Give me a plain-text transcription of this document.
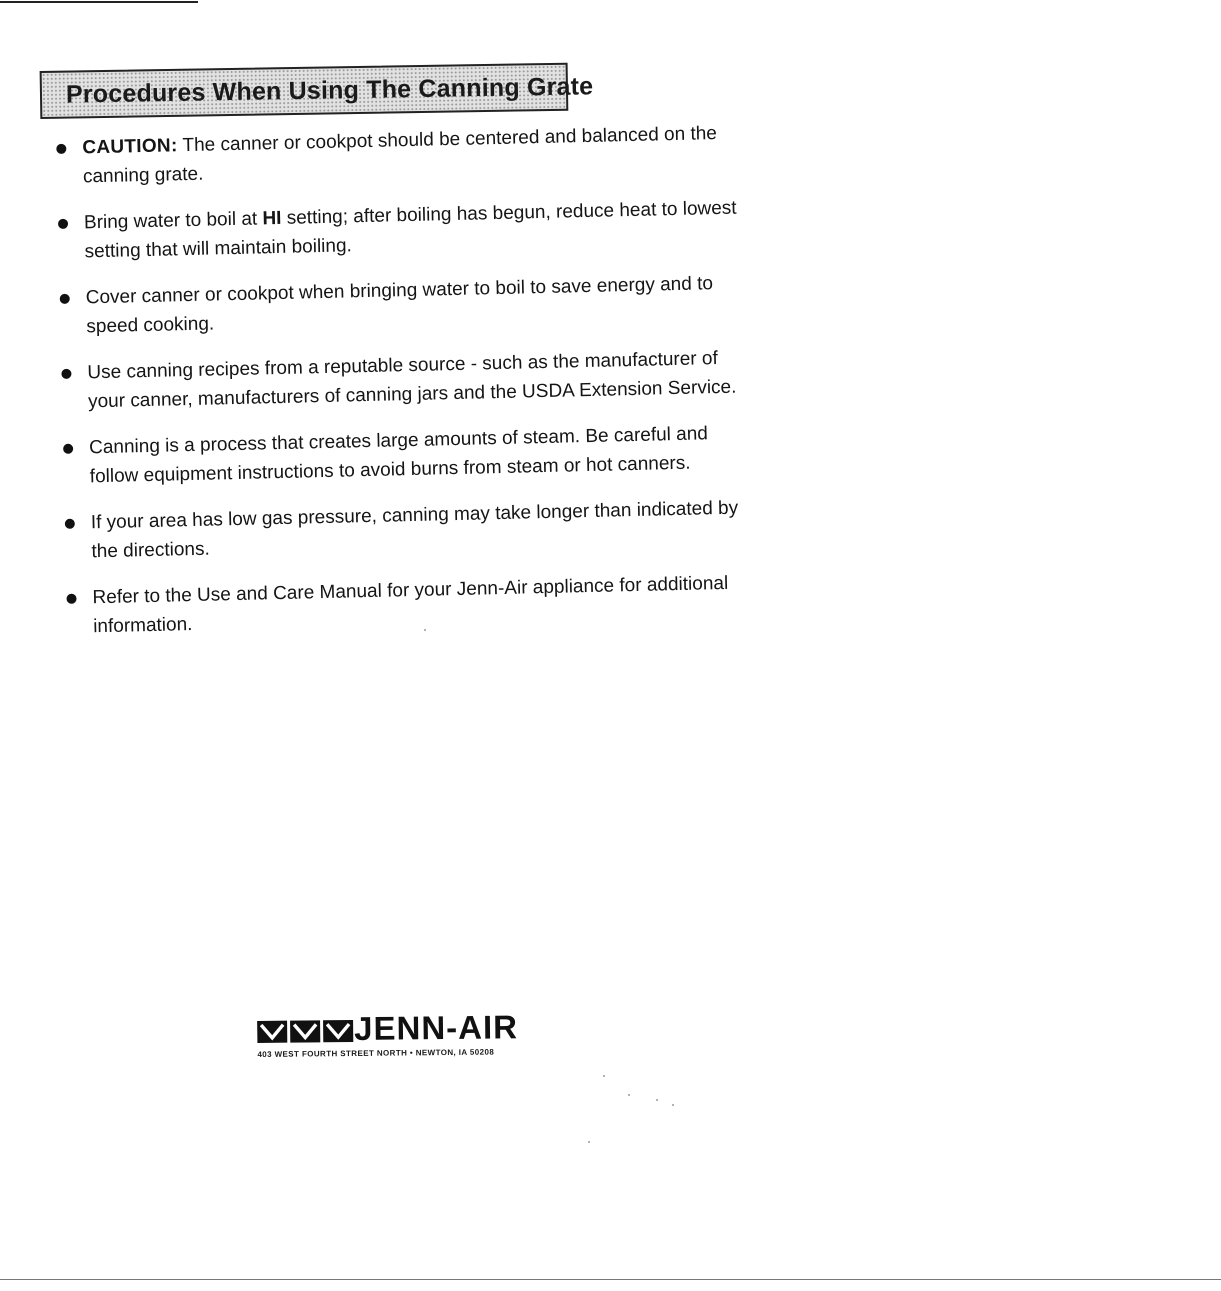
Procedures When Using The Canning Grate
CAUTION: The canner or cookpot should be centered and balanced on the canning grate.
Bring water to boil at HI setting; after boiling has begun, reduce heat to lowest setting that will maintain boiling.
Cover canner or cookpot when bringing water to boil to save energy and to speed cooking.
Use canning recipes from a reputable source - such as the manufacturer of your canner, manufacturers of canning jars and the USDA Extension Service.
Canning is a process that creates large amounts of steam. Be careful and follow equipment instructions to avoid burns from steam or hot canners.
If your area has low gas pressure, canning may take longer than indicated by the directions.
Refer to the Use and Care Manual for your Jenn-Air appliance for additional information.
JENN-AIR
403 WEST FOURTH STREET NORTH • NEWTON, IA 50208
